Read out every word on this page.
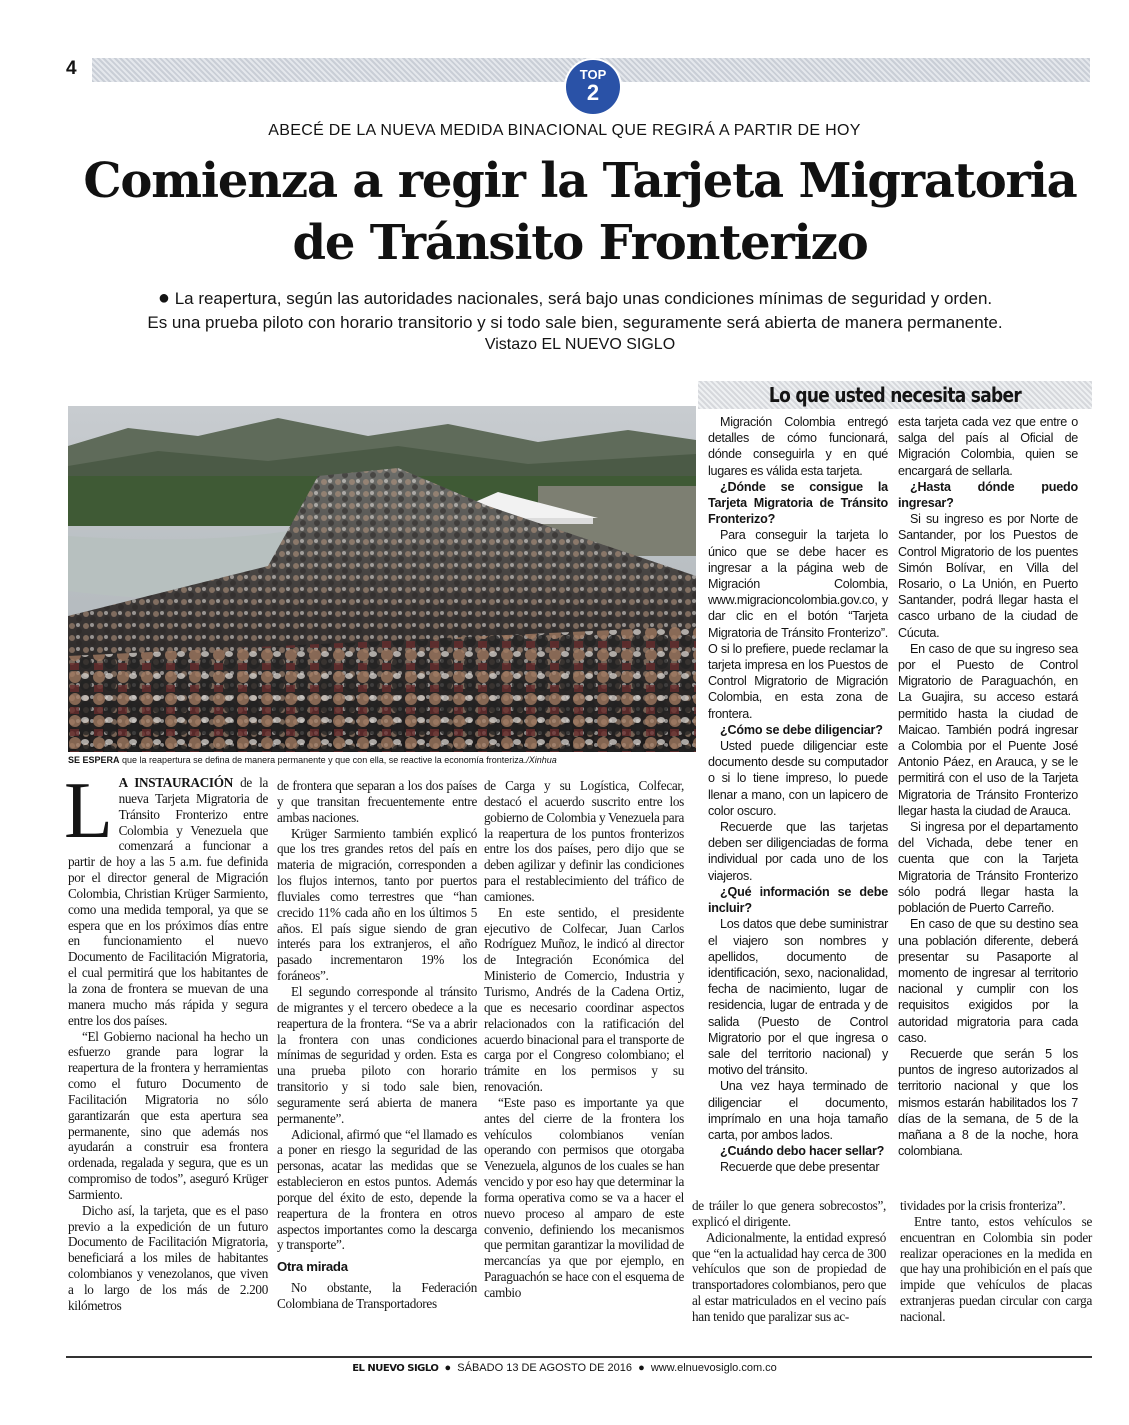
4	TOP
2
ABECÉ DE LA NUEVA MEDIDA BINACIONAL QUE REGIRÁ A PARTIR DE HOY
Comienza a regir la Tarjeta Migratoria
de Tránsito Fronterizo

● La reapertura, según las autoridades nacionales, será bajo unas condiciones mínimas de seguridad y orden.
Es una prueba piloto con horario transitorio y si todo sale bien, seguramente será abierta de manera permanente.

Vistazo EL NUEVO SIGLO
SE ESPERA que la reapertura se defina de manera permanente y que con ella, se reactive la economía fronteriza./Xinhua
Lo que usted necesita saber

Migración Colombia entregó detalles de cómo funcionará, dónde conseguirla y en qué lugares es válida esta tarjeta.

¿Dónde se consigue la Tarjeta Migratoria de Tránsito Fronterizo?

Para conseguir la tarjeta lo único que se debe hacer es ingresar a la página web de Migración Colombia, www.migracioncolombia.gov.co, y dar clic en el botón “Tarjeta Migratoria de Tránsito Fronterizo”. O si lo prefiere, puede reclamar la tarjeta impresa en los Puestos de Control Migratorio de Migración Colombia, en esta zona de frontera.

¿Cómo se debe diligenciar?

Usted puede diligenciar este documento desde su computador o si lo tiene impreso, lo puede llenar a mano, con un lapicero de color oscuro.

Recuerde que las tarjetas deben ser diligenciadas de forma individual por cada uno de los viajeros.

¿Qué información se debe incluir?

Los datos que debe suministrar el viajero son nombres y apellidos, documento de identificación, sexo, nacionalidad, fecha de nacimiento, lugar de residencia, lugar de entrada y de salida (Puesto de Control Migratorio por el que ingresa o sale del territorio nacional) y motivo del tránsito.

Una vez haya terminado de diligenciar el documento, imprímalo en una hoja tamaño carta, por ambos lados.

¿Cuándo debo hacer sellar?

Recuerde que debe presentar

esta tarjeta cada vez que entre o salga del país al Oficial de Migración Colombia, quien se encargará de sellarla.

¿Hasta dónde puedo ingresar?

Si su ingreso es por Norte de Santander, por los Puestos de Control Migratorio de los puentes Simón Bolívar, en Villa del Rosario, o La Unión, en Puerto Santander, podrá llegar hasta el casco urbano de la ciudad de Cúcuta.

En caso de que su ingreso sea por el Puesto de Control Migratorio de Paraguachón, en La Guajira, su acceso estará permitido hasta la ciudad de Maicao. También podrá ingresar a Colombia por el Puente José Antonio Páez, en Arauca, y se le permitirá con el uso de la Tarjeta Migratoria de Tránsito Fronterizo llegar hasta la ciudad de Arauca.

Si ingresa por el departamento del Vichada, debe tener en cuenta que con la Tarjeta Migratoria de Tránsito Fronterizo sólo podrá llegar hasta la población de Puerto Carreño.

En caso de que su destino sea una población diferente, deberá presentar su Pasaporte al momento de ingresar al territorio nacional y cumplir con los requisitos exigidos por la autoridad migratoria para cada caso.

Recuerde que serán 5 los puntos de ingreso autorizados al territorio nacional y que los mismos estarán habilitados los 7 días de la semana, de 5 de la mañana a 8 de la noche, hora colombiana.

L A INSTAURACIÓN de la nueva Tarjeta Migratoria de Tránsito Fronterizo entre Colombia y Venezuela que comenzará a funcionar a partir de hoy a las 5 a.m. fue definida por el director general de Migración Colombia, Christian Krüger Sarmiento, como una medida temporal, ya que se espera que en los próximos días entre en funcionamiento el nuevo Documento de Facilitación Migratoria, el cual permitirá que los habitantes de la zona de frontera se muevan de una manera mucho más rápida y segura entre los dos países.

“El Gobierno nacional ha hecho un esfuerzo grande para lograr la reapertura de la frontera y herramientas como el futuro Documento de Facilitación Migratoria no sólo garantizarán que esta apertura sea permanente, sino que además nos ayudarán a construir esa frontera ordenada, regalada y segura, que es un compromiso de todos”, aseguró Krüger Sarmiento.

Dicho así, la tarjeta, que es el paso previo a la expedición de un futuro Documento de Facilitación Migratoria, beneficiará a los miles de habitantes colombianos y venezolanos, que viven a lo largo de los más de 2.200 kilómetros

de frontera que separan a los dos países y que transitan frecuentemente entre ambas naciones.

Krüger Sarmiento también explicó que los tres grandes retos del país en materia de migración, corresponden a los flujos internos, tanto por puertos fluviales como terrestres que “han crecido 11% cada año en los últimos 5 años. El país sigue siendo de gran interés para los extranjeros, el año pasado incrementaron 19% los foráneos”.

El segundo corresponde al tránsito de migrantes y el tercero obedece a la reapertura de la frontera. “Se va a abrir la frontera con unas condiciones mínimas de seguridad y orden. Esta es una prueba piloto con horario transitorio y si todo sale bien, seguramente será abierta de manera permanente”.

Adicional, afirmó que “el llamado es a poner en riesgo la seguridad de las personas, acatar las medidas que se establecieron en estos puntos. Además porque del éxito de esto, depende la reapertura de la frontera en otros aspectos importantes como la descarga y transporte”.

Otra mirada

No obstante, la Federación Colombiana de Transportadores

de Carga y su Logística, Colfecar, destacó el acuerdo suscrito entre los gobierno de Colombia y Venezuela para la reapertura de los puntos fronterizos entre los dos países, pero dijo que se deben agilizar y definir las condiciones para el restablecimiento del tráfico de camiones.

En este sentido, el presidente ejecutivo de Colfecar, Juan Carlos Rodríguez Muñoz, le indicó al director de Integración Económica del Ministerio de Comercio, Industria y Turismo, Andrés de la Cadena Ortiz, que es necesario coordinar aspectos relacionados con la ratificación del acuerdo binacional para el transporte de carga por el Congreso colombiano; el trámite en los permisos y su renovación.

“Este paso es importante ya que antes del cierre de la frontera los vehículos colombianos venían operando con permisos que otorgaba Venezuela, algunos de los cuales se han vencido y por eso hay que determinar la forma operativa como se va a hacer el nuevo proceso al amparo de este convenio, definiendo los mecanismos que permitan garantizar la movilidad de mercancías ya que por ejemplo, en Paraguachón se hace con el esquema de cambio

de tráiler lo que genera sobrecostos”, explicó el dirigente.

Adicionalmente, la entidad expresó que “en la actualidad hay cerca de 300 vehículos que son de propiedad de transportadores colombianos, pero que al estar matriculados en el vecino país han tenido que paralizar sus ac-

tividades por la crisis fronteriza”.

Entre tanto, estos vehículos se encuentran en Colombia sin poder realizar operaciones en la medida en que hay una prohibición en el país que impide que vehículos de placas extranjeras puedan circular con carga nacional.

EL NUEVO SIGLO  ●  SÁBADO 13 DE AGOSTO DE 2016  ●  www.elnuevosiglo.com.co
